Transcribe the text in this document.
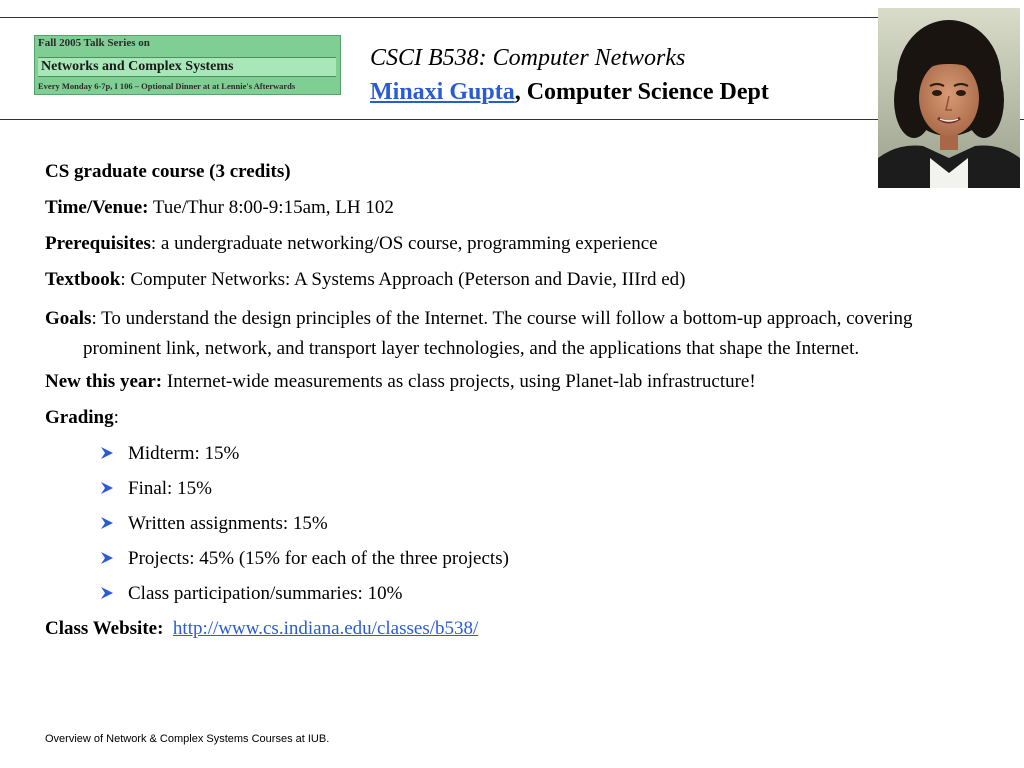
Fall 2005 Talk Series on
Networks and Complex Systems
Every Monday 6-7p, I 106 – Optional Dinner at at Lennie's Afterwards
CSCI B538: Computer Networks
Minaxi Gupta, Computer Science Dept

CS graduate course (3 credits)

Time/Venue: Tue/Thur 8:00-9:15am, LH 102

Prerequisites: a undergraduate networking/OS course, programming experience

Textbook: Computer Networks: A Systems Approach (Peterson and Davie, IIIrd ed)

Goals: To understand the design principles of the Internet. The course will follow a bottom-up approach, covering prominent link, network, and transport layer technologies, and the applications that shape the Internet.

New this year: Internet-wide measurements as class projects, using Planet-lab infrastructure!

Grading:

Midterm: 15%
Final: 15%
Written assignments: 15%
Projects: 45% (15% for each of the three projects)
Class participation/summaries: 10%

Class Website: http://www.cs.indiana.edu/classes/b538/

Overview of Network & Complex Systems Courses at IUB.
